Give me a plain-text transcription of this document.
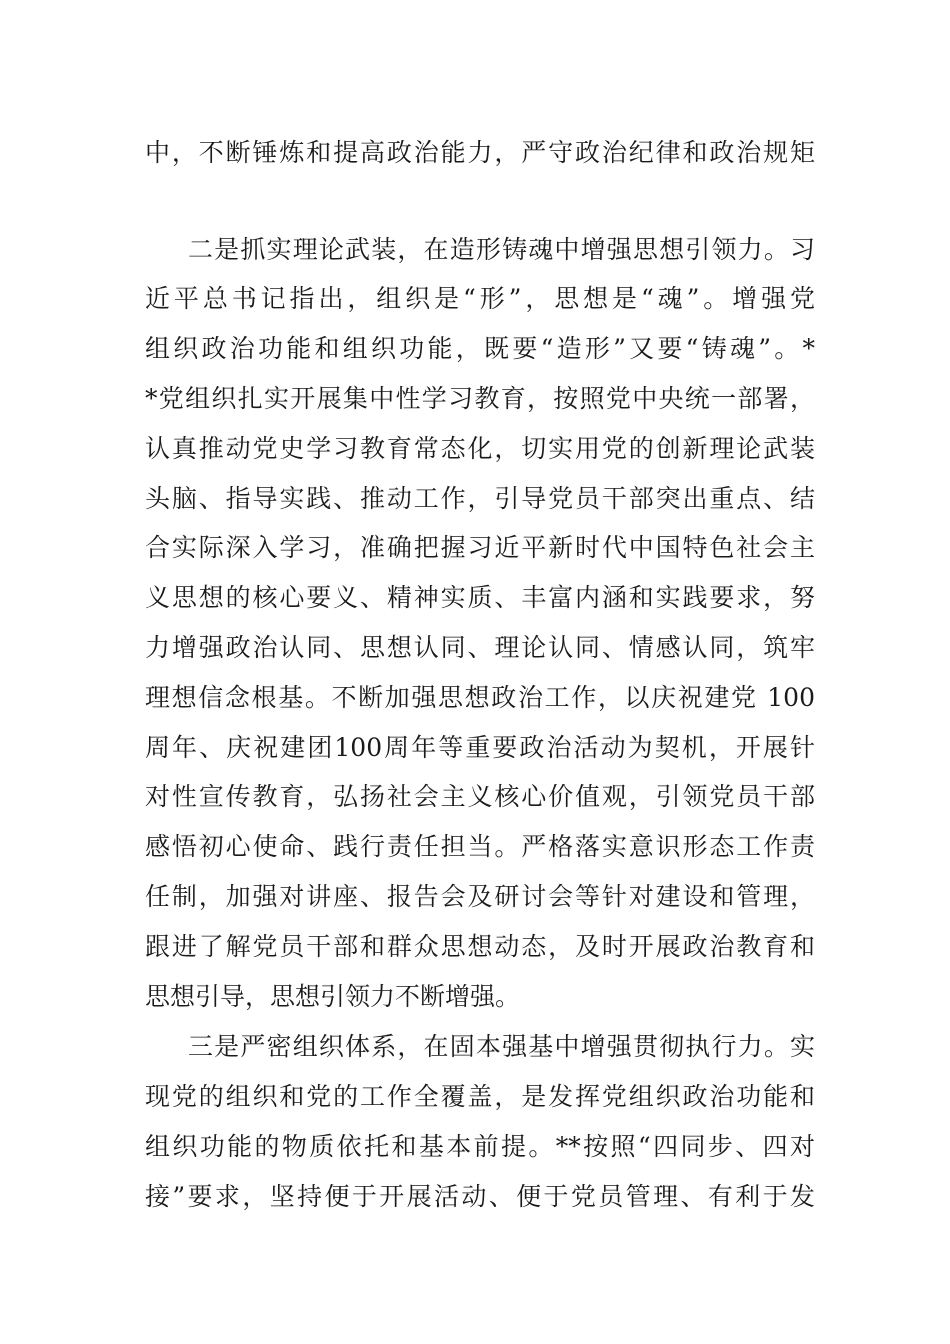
中，不断锤炼和提高政治能力，严守政治纪律和政治规矩
二是抓实理论武装，在造形铸魂中增强思想引领力。习
近平总书记指出，组织是“形”，思想是“魂”。增强党
组织政治功能和组织功能，既要“造形”又要“铸魂”。*
*党组织扎实开展集中性学习教育，按照党中央统一部署，
认真推动党史学习教育常态化，切实用党的创新理论武装
头脑、指导实践、推动工作，引导党员干部突出重点、结
合实际深入学习，准确把握习近平新时代中国特色社会主
义思想的核心要义、精神实质、丰富内涵和实践要求，努
力增强政治认同、思想认同、理论认同、情感认同，筑牢
理想信念根基。不断加强思想政治工作，以庆祝建党 100
周年、庆祝建团100周年等重要政治活动为契机，开展针
对性宣传教育，弘扬社会主义核心价值观，引领党员干部
感悟初心使命、践行责任担当。严格落实意识形态工作责
任制，加强对讲座、报告会及研讨会等针对建设和管理，
跟进了解党员干部和群众思想动态，及时开展政治教育和
思想引导，思想引领力不断增强。
三是严密组织体系，在固本强基中增强贯彻执行力。实
现党的组织和党的工作全覆盖，是发挥党组织政治功能和
组织功能的物质依托和基本前提。**按照“四同步、四对
接”要求，坚持便于开展活动、便于党员管理、有利于发
